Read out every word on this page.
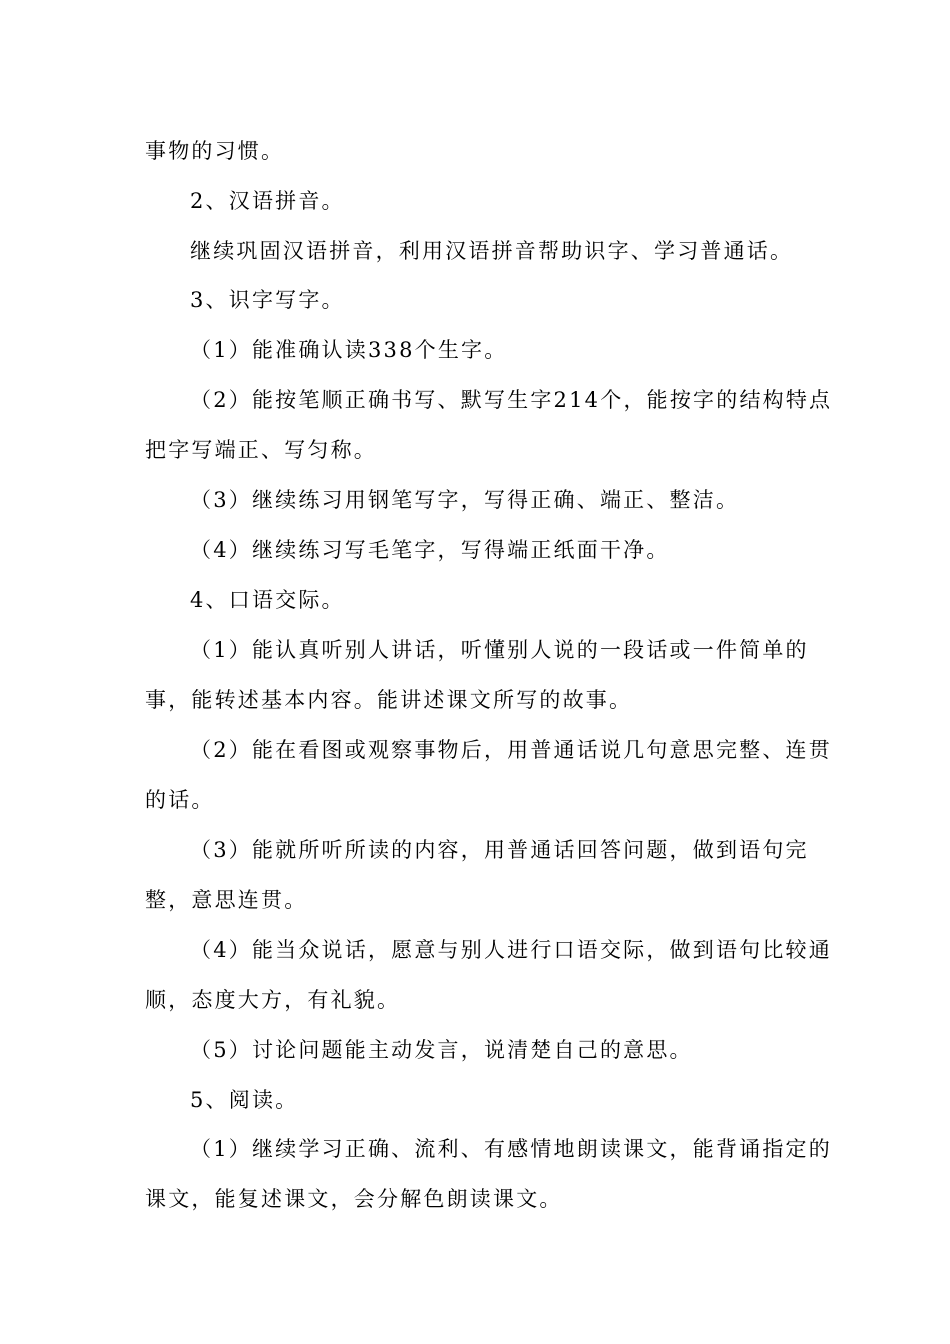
事物的习惯。
2、汉语拼音。
继续巩固汉语拼音，利用汉语拼音帮助识字、学习普通话。
3、识字写字。
（1）能准确认读338个生字。
（2）能按笔顺正确书写、默写生字214个，能按字的结构特点
把字写端正、写匀称。
（3）继续练习用钢笔写字，写得正确、端正、整洁。
（4）继续练习写毛笔字，写得端正纸面干净。
4、口语交际。
（1）能认真听别人讲话，听懂别人说的一段话或一件简单的
事，能转述基本内容。能讲述课文所写的故事。
（2）能在看图或观察事物后，用普通话说几句意思完整、连贯
的话。
（3）能就所听所读的内容，用普通话回答问题，做到语句完
整，意思连贯。
（4）能当众说话，愿意与别人进行口语交际，做到语句比较通
顺，态度大方，有礼貌。
（5）讨论问题能主动发言，说清楚自己的意思。
5、阅读。
（1）继续学习正确、流利、有感情地朗读课文，能背诵指定的
课文，能复述课文，会分解色朗读课文。
